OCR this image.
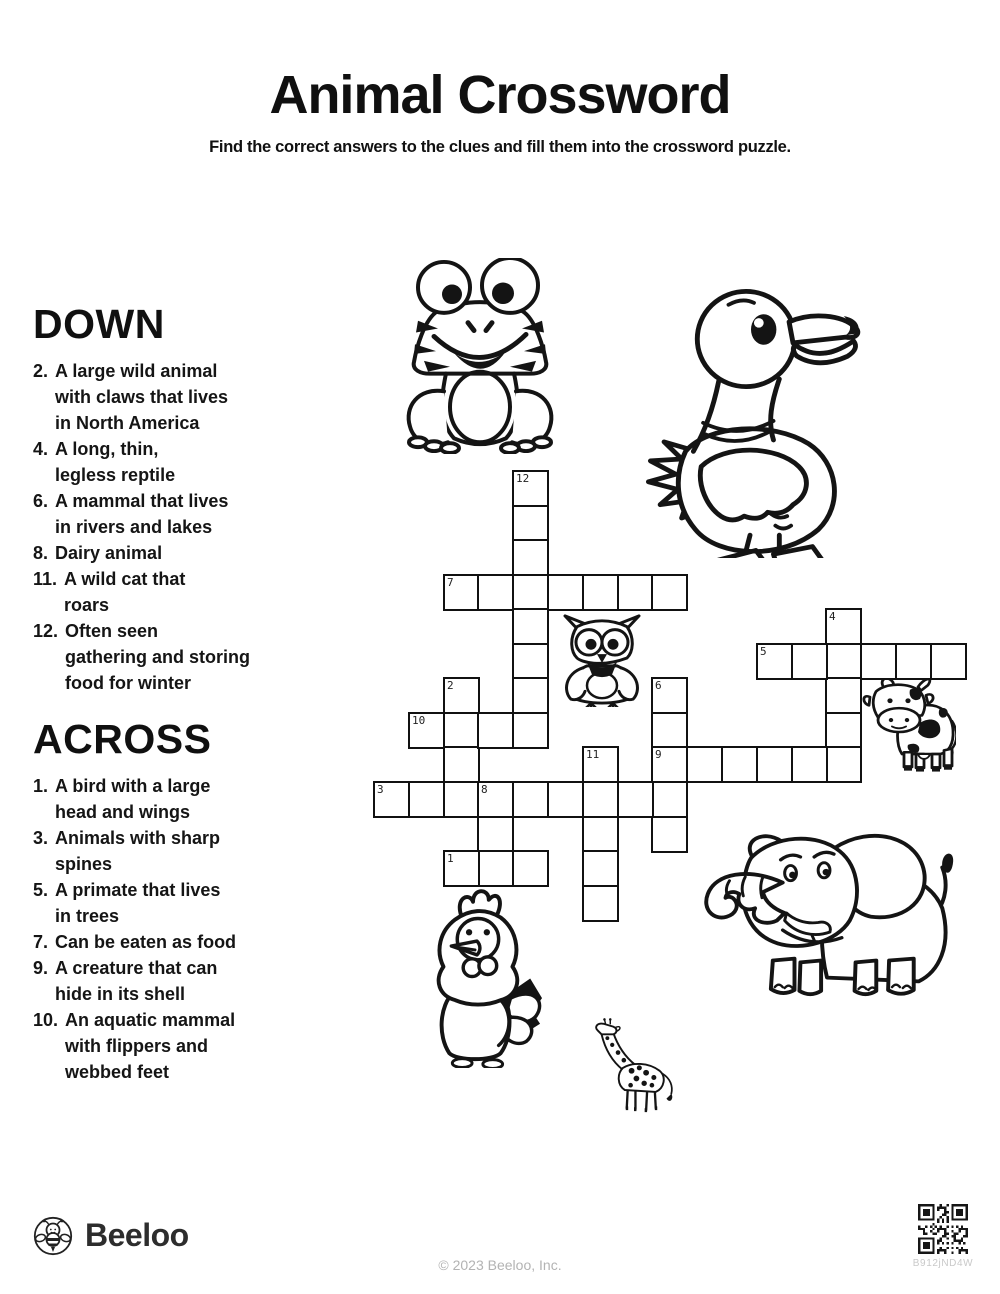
Animal Crossword
Find the correct answers to the clues and fill them into the crossword puzzle.
DOWN
2. A large wild animal
with claws that lives
in North America
4. A long, thin,
legless reptile
6. A mammal that lives
in rivers and lakes
8. Dairy animal
11. A wild cat that
roars
12. Often seen
gathering and storing
food for winter
ACROSS
1. A bird with a large
head and wings
3. Animals with sharp
spines
5. A primate that lives
in trees
7. Can be eaten as food
9. A creature that can
hide in its shell
10. An aquatic mammal
with flippers and
webbed feet
12
7
4
5
2	6
9
10
11
3	8
1
Beeloo
© 2023 Beeloo, Inc.	B912jND4W
